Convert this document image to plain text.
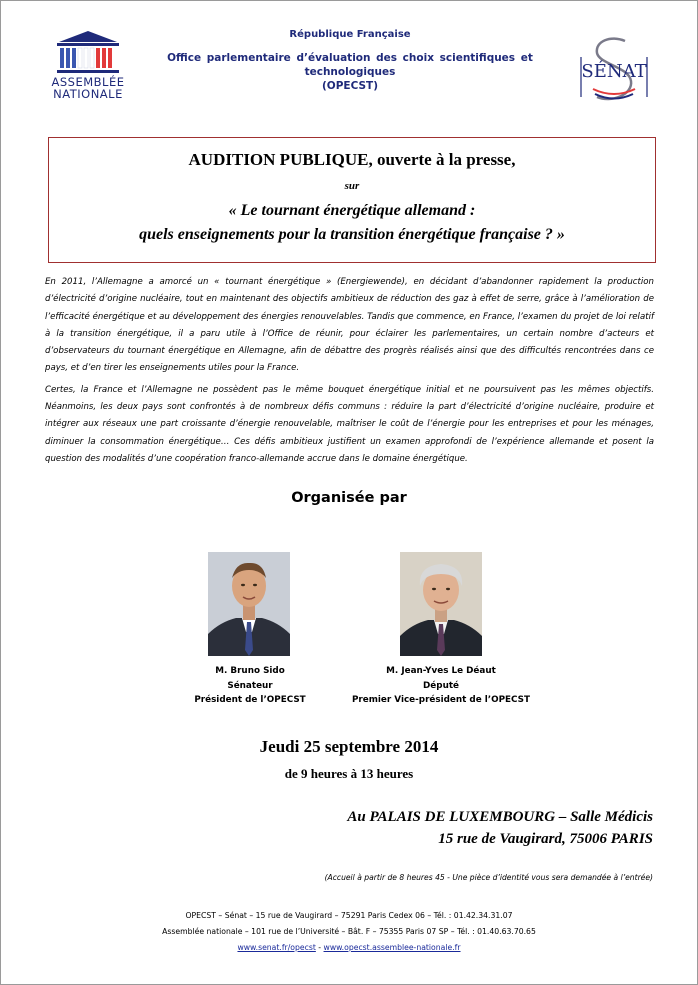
ASSEMBLÉE
NATIONALE
République Française
Office parlementaire d’évaluation des choix scientifiques et technologiques
(OPECST)
SÉNAT
AUDITION PUBLIQUE, ouverte à la presse,
sur
« Le tournant énergétique allemand :
quels enseignements pour la transition énergétique française ? »

En 2011, l’Allemagne a amorcé un « tournant énergétique » (Energiewende), en décidant d’abandonner rapidement la production d’électricité d’origine nucléaire, tout en maintenant des objectifs ambitieux de réduction des gaz à effet de serre, grâce à l’amélioration de l’efficacité énergétique et au développement des énergies renouvelables. Tandis que commence, en France, l’examen du projet de loi relatif à la transition énergétique, il a paru utile à l’Office de réunir, pour éclairer les parlementaires, un certain nombre d’acteurs et d’observateurs du tournant énergétique en Allemagne, afin de débattre des progrès réalisés ainsi que des difficultés rencontrées dans ce pays, et d’en tirer les enseignements utiles pour la France.

Certes, la France et l’Allemagne ne possèdent pas le même bouquet énergétique initial et ne poursuivent pas les mêmes objectifs. Néanmoins, les deux pays sont confrontés à de nombreux défis communs : réduire la part d’électricité d’origine nucléaire, produire et intégrer aux réseaux une part croissante d’énergie renouvelable, maîtriser le coût de l’énergie pour les entreprises et pour les ménages, diminuer la consommation énergétique… Ces défis ambitieux justifient un examen approfondi de l’expérience allemande et posent la question des modalités d’une coopération franco-allemande accrue dans le domaine énergétique.

Organisée par
M. Bruno Sido
Sénateur
Président de l’OPECST
M. Jean-Yves Le Déaut
Député
Premier Vice-président de l’OPECST
Jeudi 25 septembre 2014
de 9 heures à 13 heures
Au PALAIS DE LUXEMBOURG – Salle Médicis
15 rue de Vaugirard, 75006 PARIS
(Accueil à partir de 8 heures 45 - Une pièce d’identité vous sera demandée à l’entrée)
OPECST – Sénat – 15 rue de Vaugirard – 75291 Paris Cedex 06 – Tél. : 01.42.34.31.07
Assemblée nationale – 101 rue de l’Université – Bât. F – 75355 Paris 07 SP – Tél. : 01.40.63.70.65
www.senat.fr/opecst - www.opecst.assemblee-nationale.fr
